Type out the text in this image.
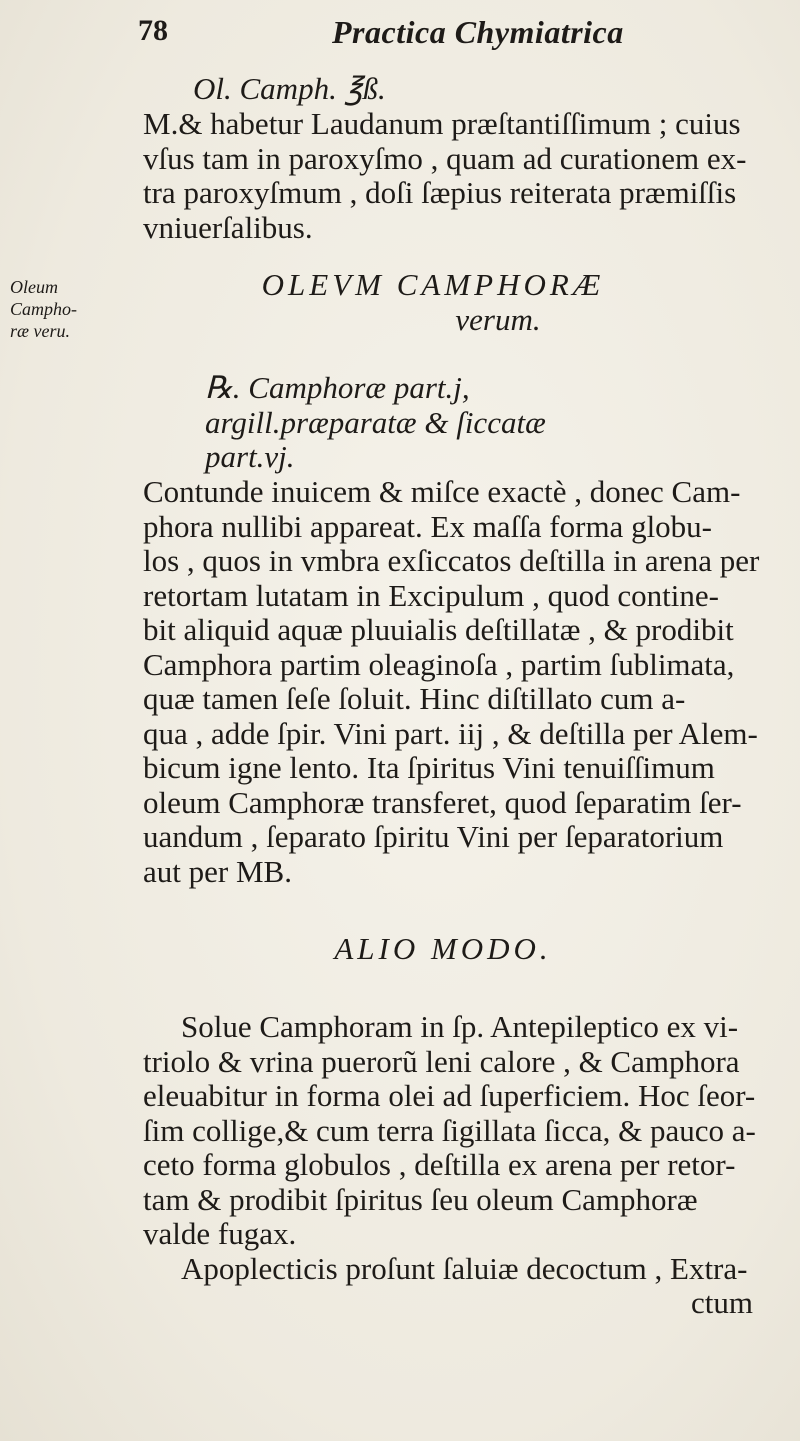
78	Practica Chymiatrica
Oleum
Campho-
ræ veru.
Ol. Camph. ℥ß.
M.& habetur Laudanum præſtantiſſimum ; cuius
vſus tam in paroxyſmo , quam ad curationem ex-
tra paroxyſmum , doſi ſæpius reiterata præmiſſis
vniuerſalibus.
OLEVM CAMPHORÆ
verum.
℞. Camphoræ part.j,
argill.præparatæ & ſiccatæ
part.vj.
Contunde inuicem & miſce exactè , donec Cam-
phora nullibi appareat. Ex maſſa forma globu-
los , quos in vmbra exſiccatos deſtilla in arena per
retortam lutatam in Excipulum , quod contine-
bit aliquid aquæ pluuialis deſtillatæ , & prodibit
Camphora partim oleaginoſa , partim ſublimata,
quæ tamen ſeſe ſoluit. Hinc diſtillato cum a-
qua , adde ſpir. Vini part. iij , & deſtilla per Alem-
bicum igne lento. Ita ſpiritus Vini tenuiſſimum
oleum Camphoræ transferet, quod ſeparatim ſer-
uandum , ſeparato ſpiritu Vini per ſeparatorium
aut per MB.
ALIO MODO.
Solue Camphoram in ſp. Antepileptico ex vi-
triolo & vrina puerorũ leni calore , & Camphora
eleuabitur in forma olei ad ſuperficiem. Hoc ſeor-
ſim collige,& cum terra ſigillata ſicca, & pauco a-
ceto forma globulos , deſtilla ex arena per retor-
tam & prodibit ſpiritus ſeu oleum Camphoræ
valde fugax.
Apoplecticis proſunt ſaluiæ decoctum , Extra-
ctum
